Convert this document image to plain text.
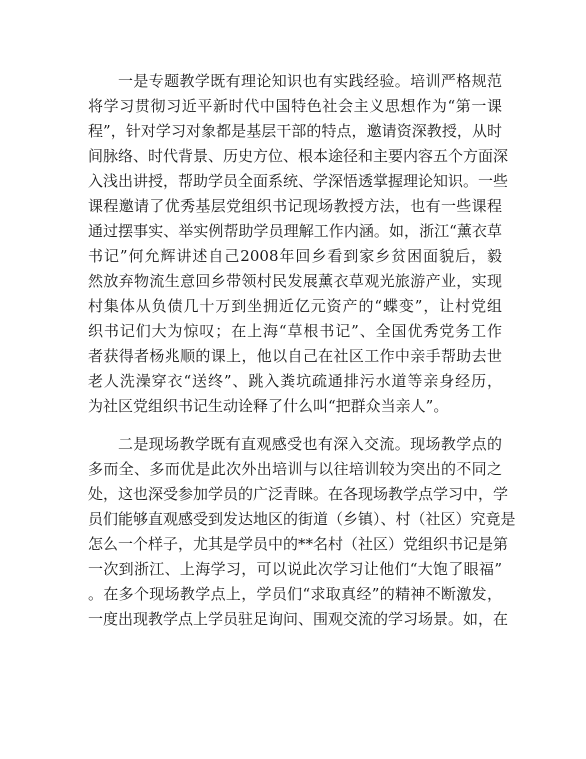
一是专题教学既有理论知识也有实践经验。培训严格规范
将学习贯彻习近平新时代中国特色社会主义思想作为“第一课
程”，针对学习对象都是基层干部的特点，邀请资深教授，从时
间脉络、时代背景、历史方位、根本途径和主要内容五个方面深
入浅出讲授，帮助学员全面系统、学深悟透掌握理论知识。一些
课程邀请了优秀基层党组织书记现场教授方法，也有一些课程
通过摆事实、举实例帮助学员理解工作内涵。如，浙江“薰衣草
书记”何允辉讲述自己2008年回乡看到家乡贫困面貌后，毅
然放弃物流生意回乡带领村民发展薰衣草观光旅游产业，实现
村集体从负债几十万到坐拥近亿元资产的“蝶变”，让村党组
织书记们大为惊叹；在上海“草根书记”、全国优秀党务工作
者获得者杨兆顺的课上，他以自己在社区工作中亲手帮助去世
老人洗澡穿衣“送终”、跳入粪坑疏通排污水道等亲身经历，
为社区党组织书记生动诠释了什么叫“把群众当亲人”。
二是现场教学既有直观感受也有深入交流。现场教学点的
多而全、多而优是此次外出培训与以往培训较为突出的不同之
处，这也深受参加学员的广泛青睐。在各现场教学点学习中，学
员们能够直观感受到发达地区的街道（乡镇）、村（社区）究竟是
怎么一个样子，尤其是学员中的**名村（社区）党组织书记是第
一次到浙江、上海学习，可以说此次学习让他们“大饱了眼福”
。在多个现场教学点上，学员们“求取真经”的精神不断激发，
一度出现教学点上学员驻足询问、围观交流的学习场景。如，在
